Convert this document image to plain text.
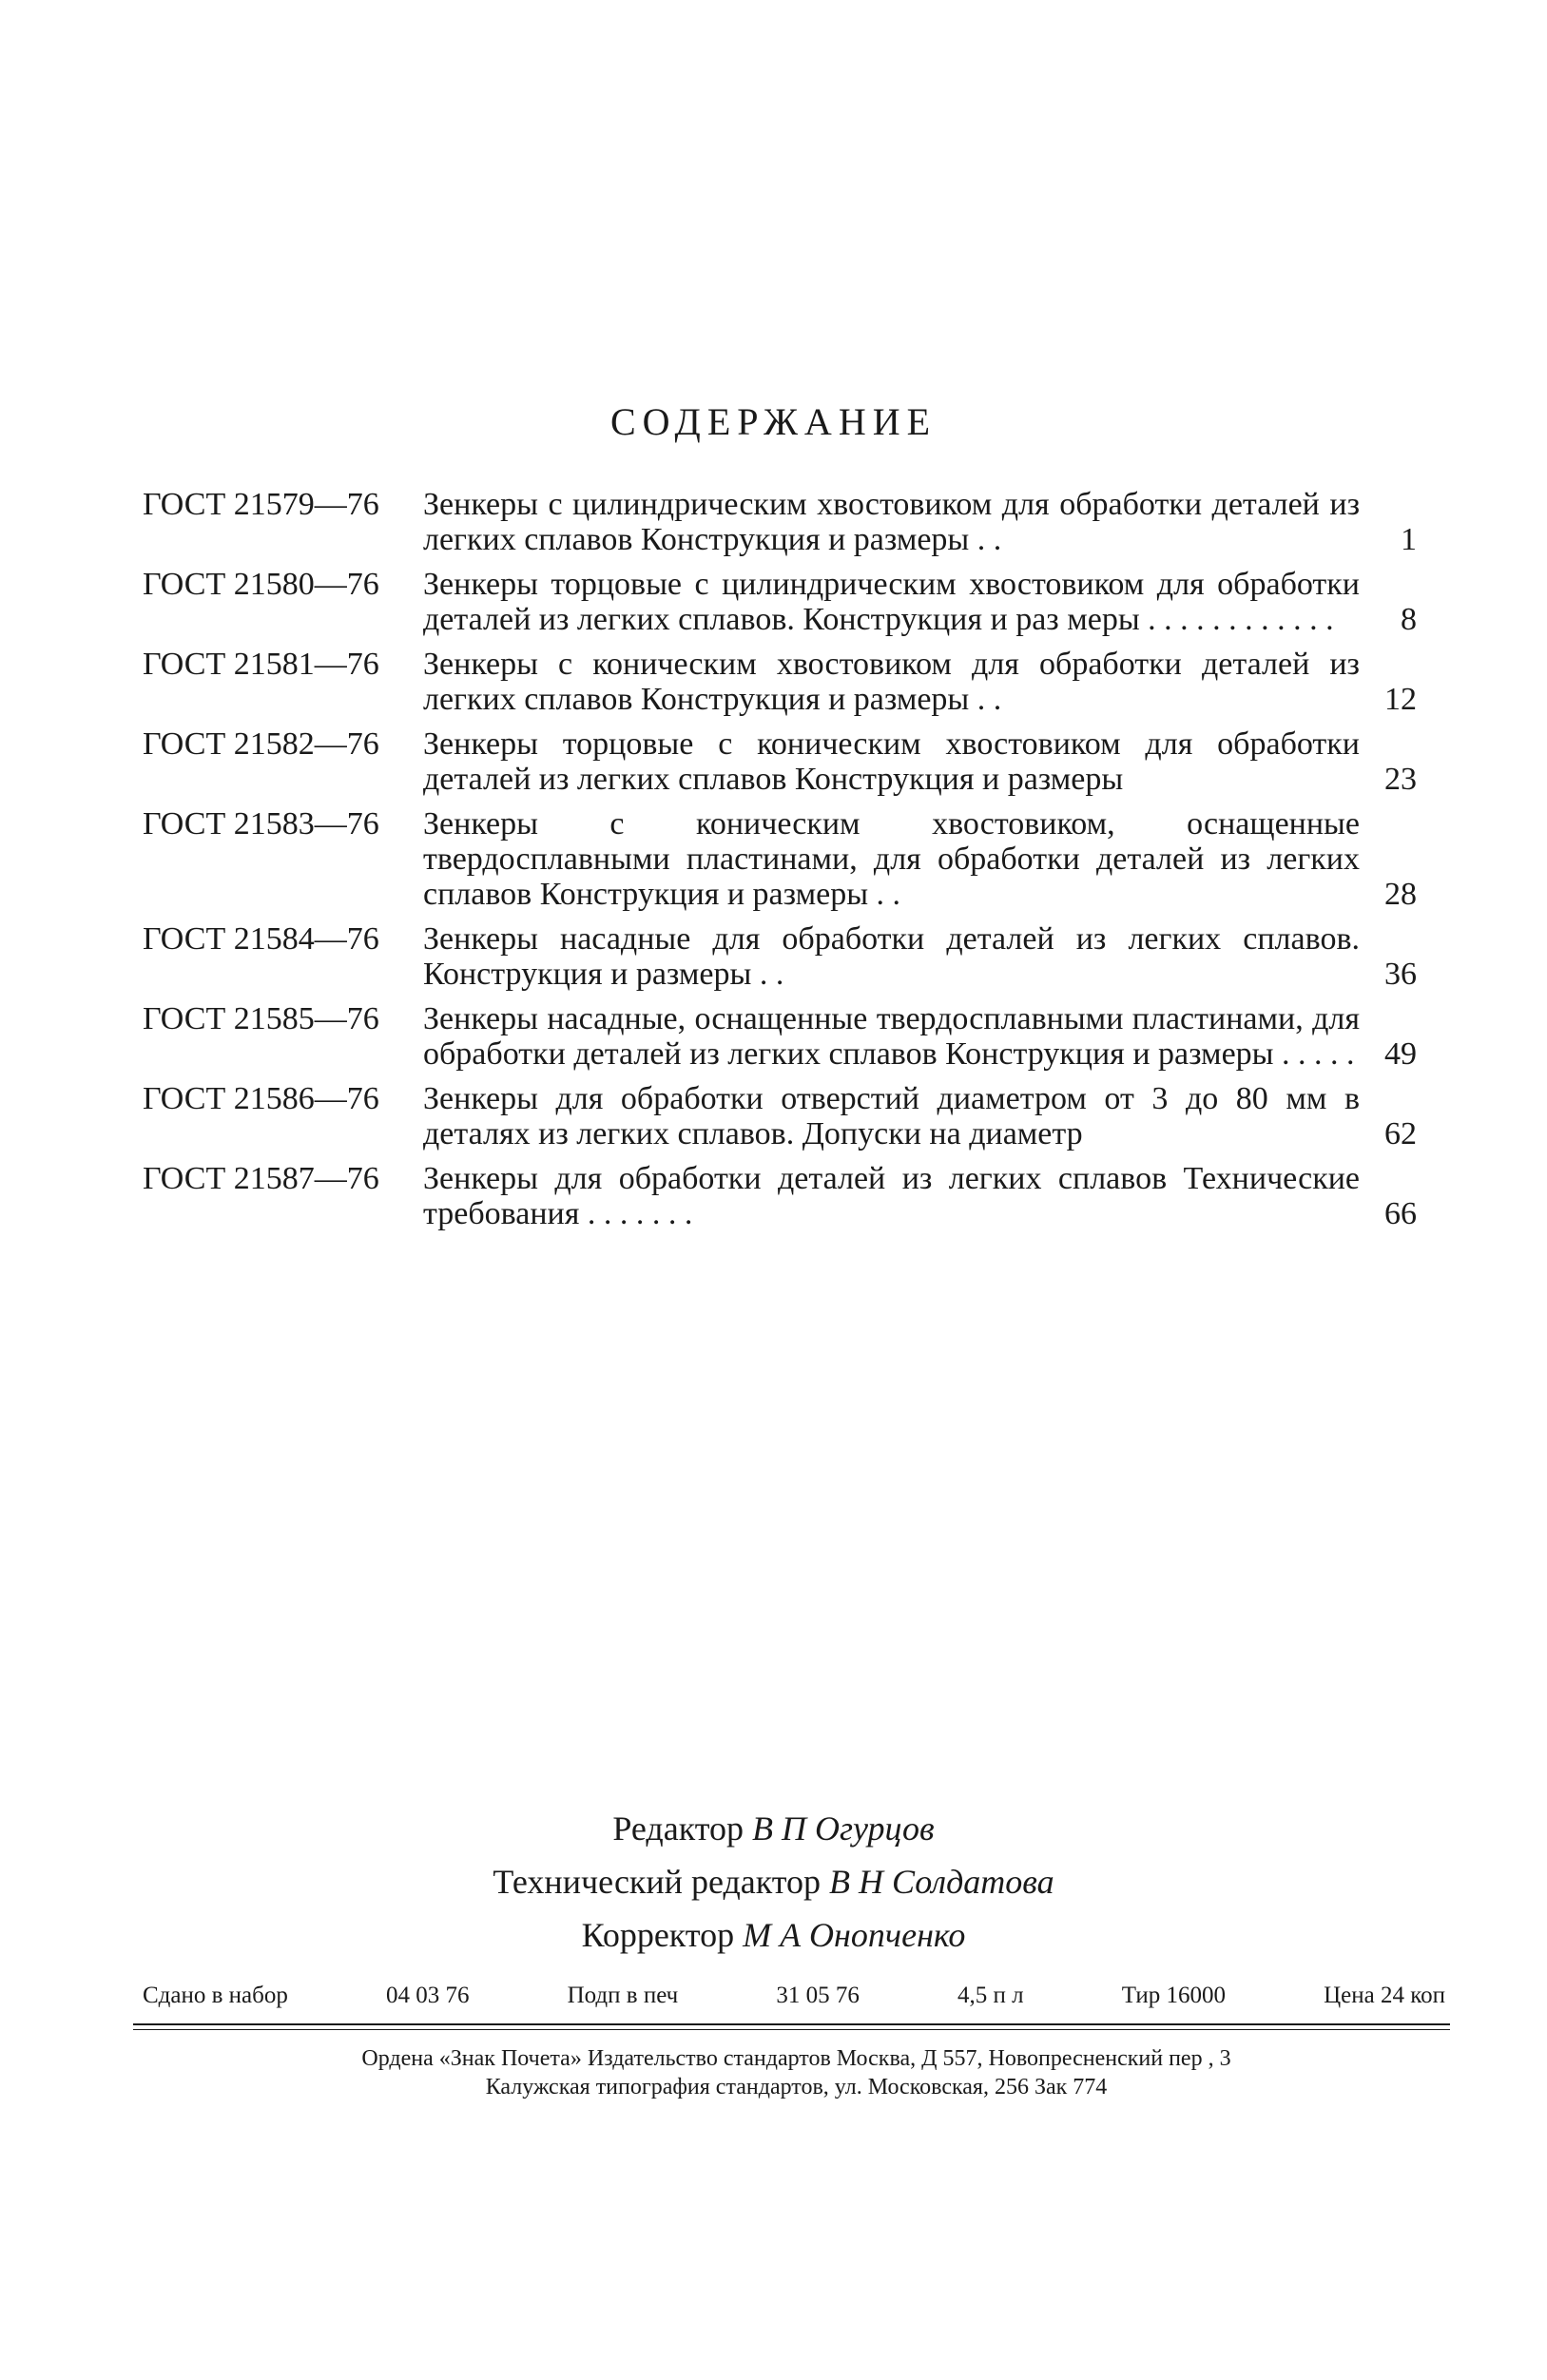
СОДЕРЖАНИЕ
ГОСТ 21579—76	Зенкеры с цилиндрическим хвостовиком для обработки деталей из легких сплавов Конструкция и размеры . .	1
ГОСТ 21580—76	Зенкеры торцовые с цилиндрическим хвостовиком для обработки деталей из легких сплавов. Конструкция и раз меры . . . . . . . . . . . .	8
ГОСТ 21581—76	Зенкеры с коническим хвостовиком для обработки деталей из легких сплавов Конструкция и размеры . .	12
ГОСТ 21582—76	Зенкеры торцовые с коническим хвостовиком для обработки деталей из легких сплавов Конструкция и размеры	23
ГОСТ 21583—76	Зенкеры с коническим хвостовиком, оснащенные твердосплавными пластинами, для обработки деталей из легких сплавов Конструкция и размеры . .	28
ГОСТ 21584—76	Зенкеры насадные для обработки деталей из легких сплавов. Конструкция и размеры . .	36
ГОСТ 21585—76	Зенкеры насадные, оснащенные твердосплавными пластинами, для обработки деталей из легких сплавов Конструкция и размеры . . . . . 49
ГОСТ 21586—76	Зенкеры для обработки отверстий диаметром от 3 до 80 мм в деталях из легких сплавов. Допуски на диаметр	62
ГОСТ 21587—76	Зенкеры для обработки деталей из легких сплавов Технические требования . . . . . . .	66
Редактор В П Огурцов
Технический редактор В Н Солдатова
Корректор М А Онопченко
Сдано в набор	04 03 76	Подп в печ	31 05 76	4,5 п л	Тир 16000	Цена 24 коп
Ордена «Знак Почета» Издательство стандартов Москва, Д 557, Новопресненский пер , 3
Калужская типография стандартов, ул. Московская, 256 Зак 774
